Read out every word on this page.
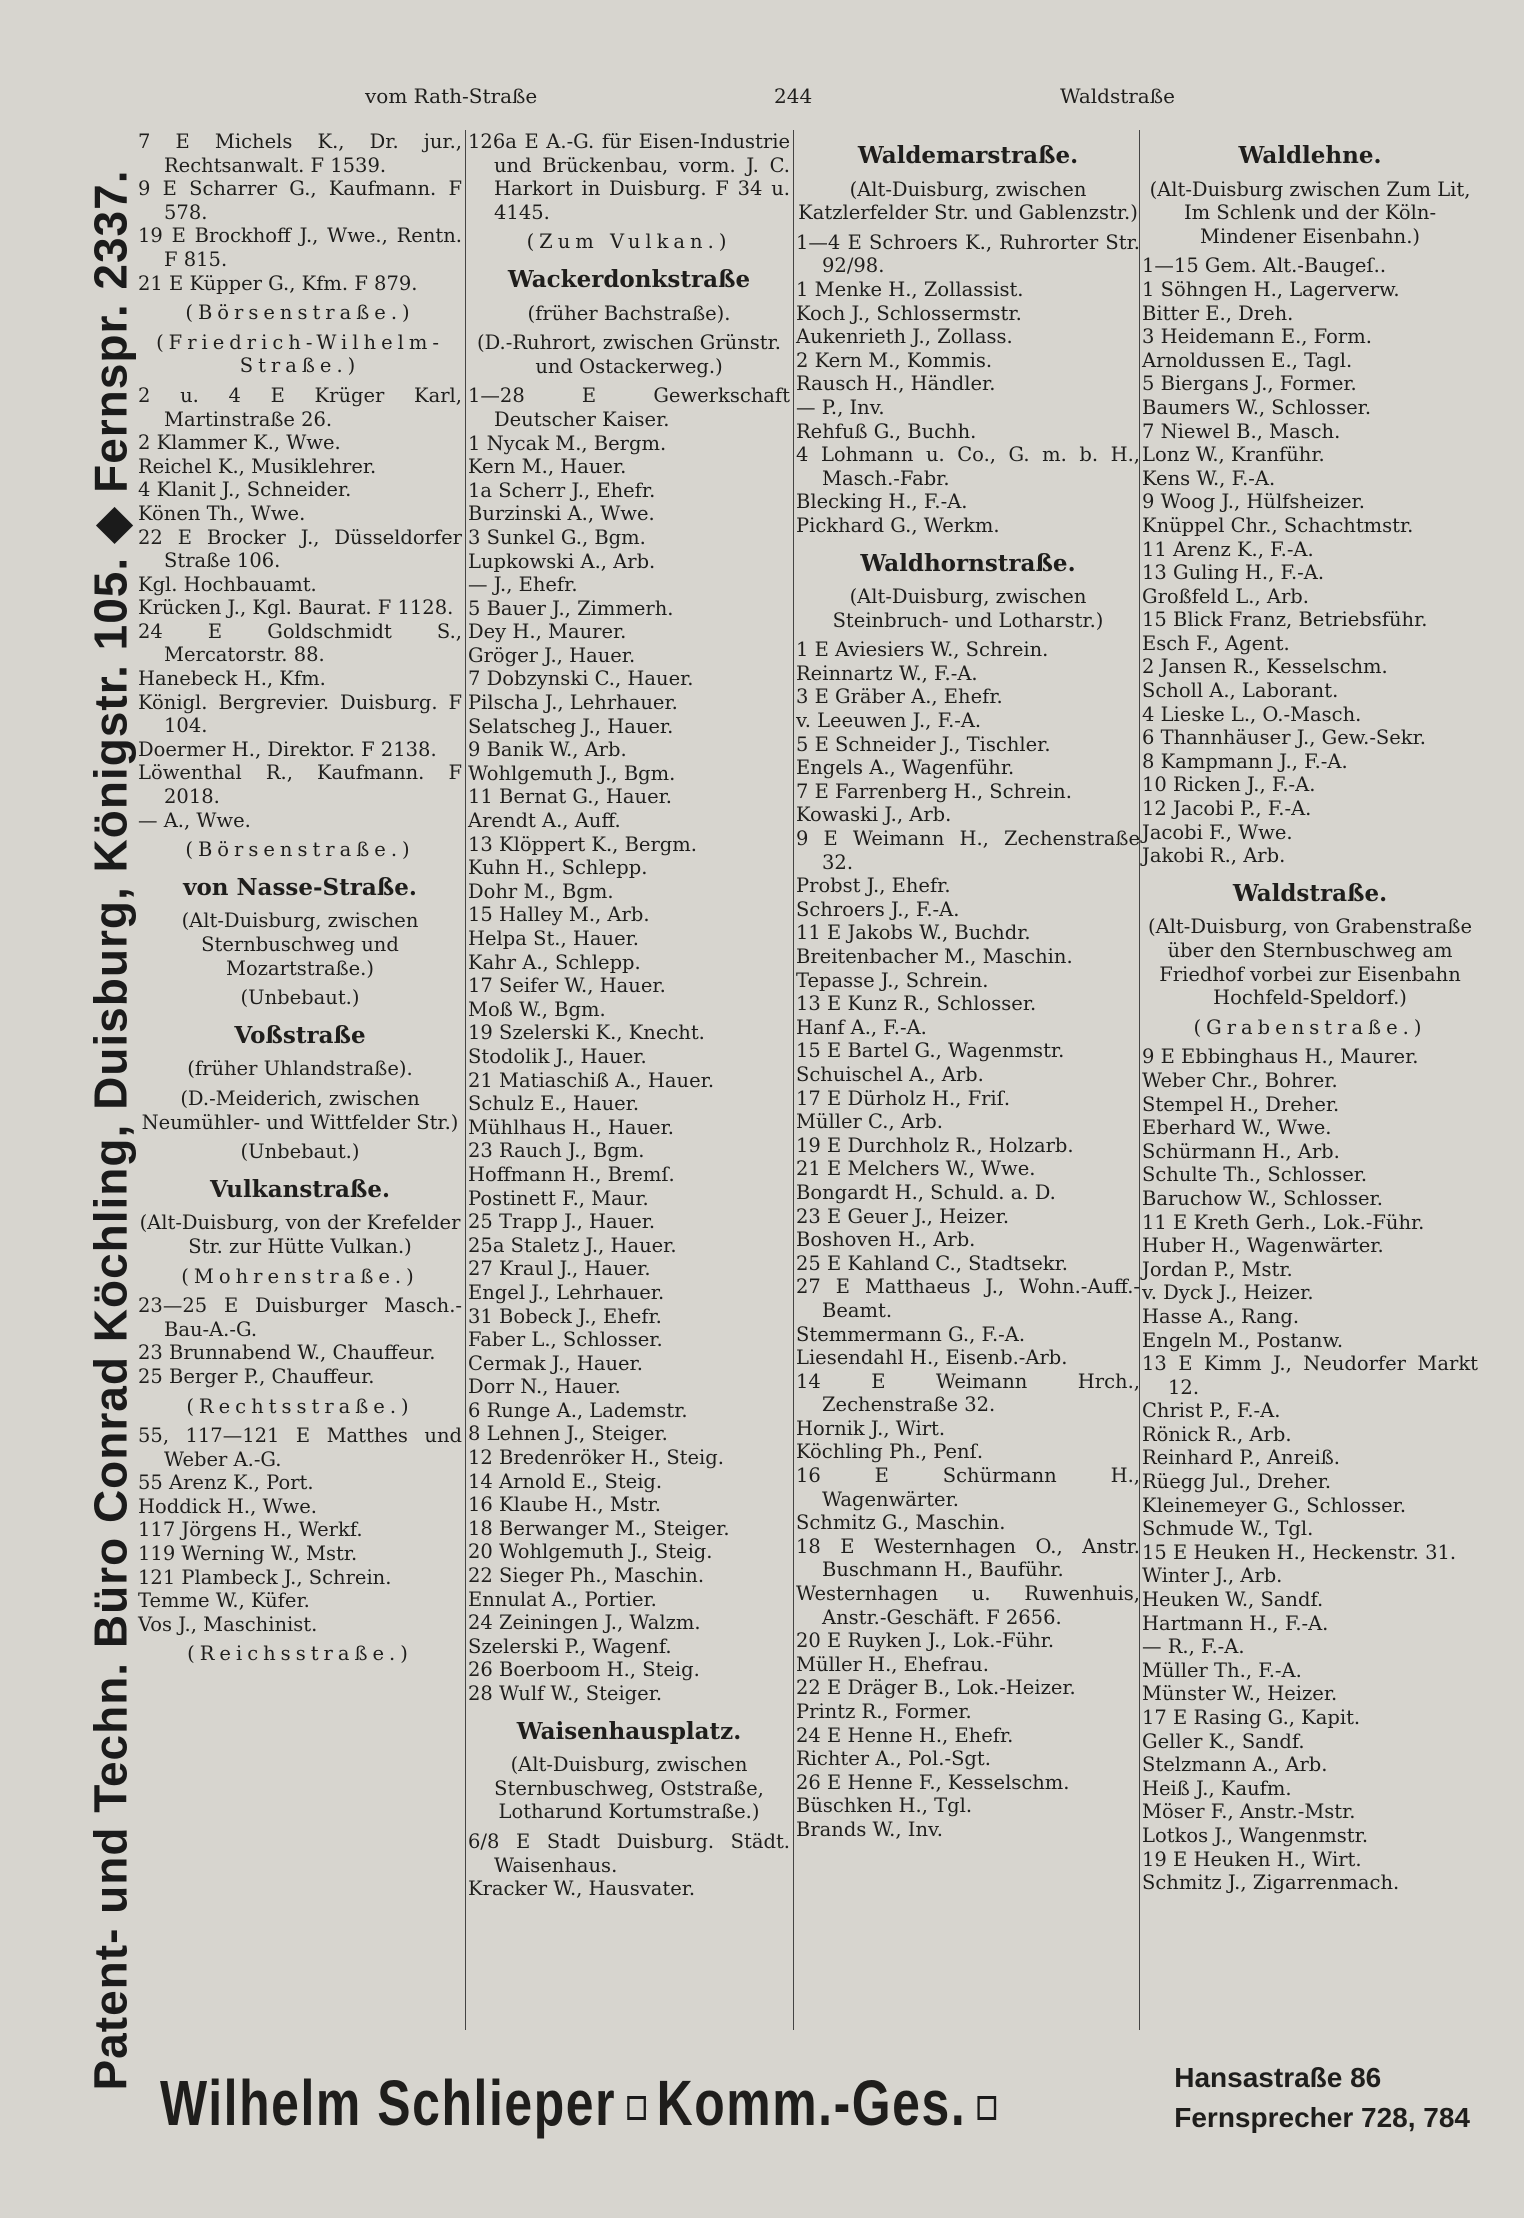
Patent- und Techn. Büro Conrad Köchling, Duisburg, Königstr. 105. ◆ Fernspr. 2337.
vom Rath-Straße	244	Waldstraße
7 E Michels K., Dr. jur., Rechtsanwalt. F 1539.
9 E Scharrer G., Kaufmann. F 578.
19 E Brockhoff J., Wwe., Rentn. F 815.
21 E Küpper G., Kfm. F 879.
(Börsenstraße.)
(Friedrich-Wilhelm-Straße.)
2 u. 4 E Krüger Karl, Martinstraße 26.
2 Klammer K., Wwe.
Reichel K., Musiklehrer.
4 Klanit J., Schneider.
Könen Th., Wwe.
22 E Brocker J., Düsseldorfer Straße 106.
Kgl. Hochbauamt.
Krücken J., Kgl. Baurat. F 1128.
24 E Goldschmidt S., Mercatorstr. 88.
Hanebeck H., Kfm.
Königl. Bergrevier. Duisburg. F 104.
Doermer H., Direktor. F 2138.
Löwenthal R., Kaufmann. F 2018.
— A., Wwe.
(Börsenstraße.)
von Nasse-Straße.
(Alt-Duisburg, zwischen Sternbuschweg und Mozartstraße.)
(Unbebaut.)
Voßstraße
(früher Uhlandstraße).
(D.-Meiderich, zwischen Neumühler- und Wittfelder Str.)
(Unbebaut.)
Vulkanstraße.
(Alt-Duisburg, von der Krefelder Str. zur Hütte Vulkan.)
(Mohrenstraße.)
23—25 E Duisburger Masch.-Bau-A.-G.
23 Brunnabend W., Chauffeur.
25 Berger P., Chauffeur.
(Rechtsstraße.)
55, 117—121 E Matthes und Weber A.-G.
55 Arenz K., Port.
Hoddick H., Wwe.
117 Jörgens H., Werkf.
119 Werning W., Mstr.
121 Plambeck J., Schrein.
Temme W., Küfer.
Vos J., Maschinist.
(Reichsstraße.)
126a E A.-G. für Eisen-Industrie und Brückenbau, vorm. J. C. Harkort in Duisburg. F 34 u. 4145.
(Zum Vulkan.)
Wackerdonkstraße
(früher Bachstraße).
(D.-Ruhrort, zwischen Grünstr. und Ostackerweg.)
1—28 E Gewerkschaft Deutscher Kaiser.
1 Nycak M., Bergm.
Kern M., Hauer.
1a Scherr J., Ehefr.
Burzinski A., Wwe.
3 Sunkel G., Bgm.
Lupkowski A., Arb.
— J., Ehefr.
5 Bauer J., Zimmerh.
Dey H., Maurer.
Gröger J., Hauer.
7 Dobzynski C., Hauer.
Pilscha J., Lehrhauer.
Selatscheg J., Hauer.
9 Banik W., Arb.
Wohlgemuth J., Bgm.
11 Bernat G., Hauer.
Arendt A., Auff.
13 Klöppert K., Bergm.
Kuhn H., Schlepp.
Dohr M., Bgm.
15 Halley M., Arb.
Helpa St., Hauer.
Kahr A., Schlepp.
17 Seifer W., Hauer.
Moß W., Bgm.
19 Szelerski K., Knecht.
Stodolik J., Hauer.
21 Matiaschiß A., Hauer.
Schulz E., Hauer.
Mühlhaus H., Hauer.
23 Rauch J., Bgm.
Hoffmann H., Bremſ.
Postinett F., Maur.
25 Trapp J., Hauer.
25a Staletz J., Hauer.
27 Kraul J., Hauer.
Engel J., Lehrhauer.
31 Bobeck J., Ehefr.
Faber L., Schlosser.
Cermak J., Hauer.
Dorr N., Hauer.
6 Runge A., Lademstr.
8 Lehnen J., Steiger.
12 Bredenröker H., Steig.
14 Arnold E., Steig.
16 Klaube H., Mstr.
18 Berwanger M., Steiger.
20 Wohlgemuth J., Steig.
22 Sieger Ph., Maschin.
Ennulat A., Portier.
24 Zeiningen J., Walzm.
Szelerski P., Wagenf.
26 Boerboom H., Steig.
28 Wulf W., Steiger.
Waisenhausplatz.
(Alt-Duisburg, zwischen Sternbuschweg, Oststraße, Lotharund Kortumstraße.)
6/8 E Stadt Duisburg. Städt. Waisenhaus.
Kracker W., Hausvater.
Waldemarstraße.
(Alt-Duisburg, zwischen Katzlerfelder Str. und Gablenzstr.)
1—4 E Schroers K., Ruhrorter Str. 92/98.
1 Menke H., Zollassist.
Koch J., Schlossermstr.
Aukenrieth J., Zollass.
2 Kern M., Kommis.
Rausch H., Händler.
— P., Inv.
Rehfuß G., Buchh.
4 Lohmann u. Co., G. m. b. H., Masch.-Fabr.
Blecking H., F.-A.
Pickhard G., Werkm.
Waldhornstraße.
(Alt-Duisburg, zwischen Steinbruch- und Lotharstr.)
1 E Aviesiers W., Schrein.
Reinnartz W., F.-A.
3 E Gräber A., Ehefr.
v. Leeuwen J., F.-A.
5 E Schneider J., Tischler.
Engels A., Wagenführ.
7 E Farrenberg H., Schrein.
Kowaski J., Arb.
9 E Weimann H., Zechenstraße 32.
Probst J., Ehefr.
Schroers J., F.-A.
11 E Jakobs W., Buchdr.
Breitenbacher M., Maschin.
Tepasse J., Schrein.
13 E Kunz R., Schlosser.
Hanf A., F.-A.
15 E Bartel G., Wagenmstr.
Schuischel A., Arb.
17 E Dürholz H., Friſ.
Müller C., Arb.
19 E Durchholz R., Holzarb.
21 E Melchers W., Wwe.
Bongardt H., Schuld. a. D.
23 E Geuer J., Heizer.
Boshoven H., Arb.
25 E Kahland C., Stadtsekr.
27 E Matthaeus J., Wohn.-Auff.-Beamt.
Stemmermann G., F.-A.
Liesendahl H., Eisenb.-Arb.
14 E Weimann Hrch., Zechenstraße 32.
Hornik J., Wirt.
Köchling Ph., Penſ.
16 E Schürmann H., Wagenwärter.
Schmitz G., Maschin.
18 E Westernhagen O., Anstr. Buschmann H., Bauführ.
Westernhagen u. Ruwenhuis, Anstr.-Geschäft. F 2656.
20 E Ruyken J., Lok.-Führ.
Müller H., Ehefrau.
22 E Dräger B., Lok.-Heizer.
Printz R., Former.
24 E Henne H., Ehefr.
Richter A., Pol.-Sgt.
26 E Henne F., Kesselschm.
Büschken H., Tgl.
Brands W., Inv.
Waldlehne.
(Alt-Duisburg zwischen Zum Lit, Im Schlenk und der Köln-Mindener Eisenbahn.)
1—15 Gem. Alt.-Baugeſ..
1 Söhngen H., Lagerverw.
Bitter E., Dreh.
3 Heidemann E., Form.
Arnoldussen E., Tagl.
5 Biergans J., Former.
Baumers W., Schlosser.
7 Niewel B., Masch.
Lonz W., Kranführ.
Kens W., F.-A.
9 Woog J., Hülfsheizer.
Knüppel Chr., Schachtmstr.
11 Arenz K., F.-A.
13 Guling H., F.-A.
Großfeld L., Arb.
15 Blick Franz, Betriebsführ.
Esch F., Agent.
2 Jansen R., Kesselschm.
Scholl A., Laborant.
4 Lieske L., O.-Masch.
6 Thannhäuser J., Gew.-Sekr.
8 Kampmann J., F.-A.
10 Ricken J., F.-A.
12 Jacobi P., F.-A.
Jacobi F., Wwe.
Jakobi R., Arb.
Waldstraße.
(Alt-Duisburg, von Grabenstraße über den Sternbuschweg am Friedhof vorbei zur Eisenbahn Hochfeld-Speldorf.)
(Grabenstraße.)
9 E Ebbinghaus H., Maurer.
Weber Chr., Bohrer.
Stempel H., Dreher.
Eberhard W., Wwe.
Schürmann H., Arb.
Schulte Th., Schlosser.
Baruchow W., Schlosser.
11 E Kreth Gerh., Lok.-Führ.
Huber H., Wagenwärter.
Jordan P., Mstr.
v. Dyck J., Heizer.
Hasse A., Rang.
Engeln M., Postanw.
13 E Kimm J., Neudorfer Markt 12.
Christ P., F.-A.
Rönick R., Arb.
Reinhard P., Anreiß.
Rüegg Jul., Dreher.
Kleinemeyer G., Schlosser.
Schmude W., Tgl.
15 E Heuken H., Heckenstr. 31.
Winter J., Arb.
Heuken W., Sandf.
Hartmann H., F.-A.
— R., F.-A.
Müller Th., F.-A.
Münster W., Heizer.
17 E Rasing G., Kapit.
Geller K., Sandf.
Stelzmann A., Arb.
Heiß J., Kaufm.
Möser F., Anstr.-Mstr.
Lotkos J., Wangenmstr.
19 E Heuken H., Wirt.
Schmitz J., Zigarrenmach.
Wilhelm Schlieper Komm.-Ges.	Hansastraße 86
Fernsprecher 728, 784
